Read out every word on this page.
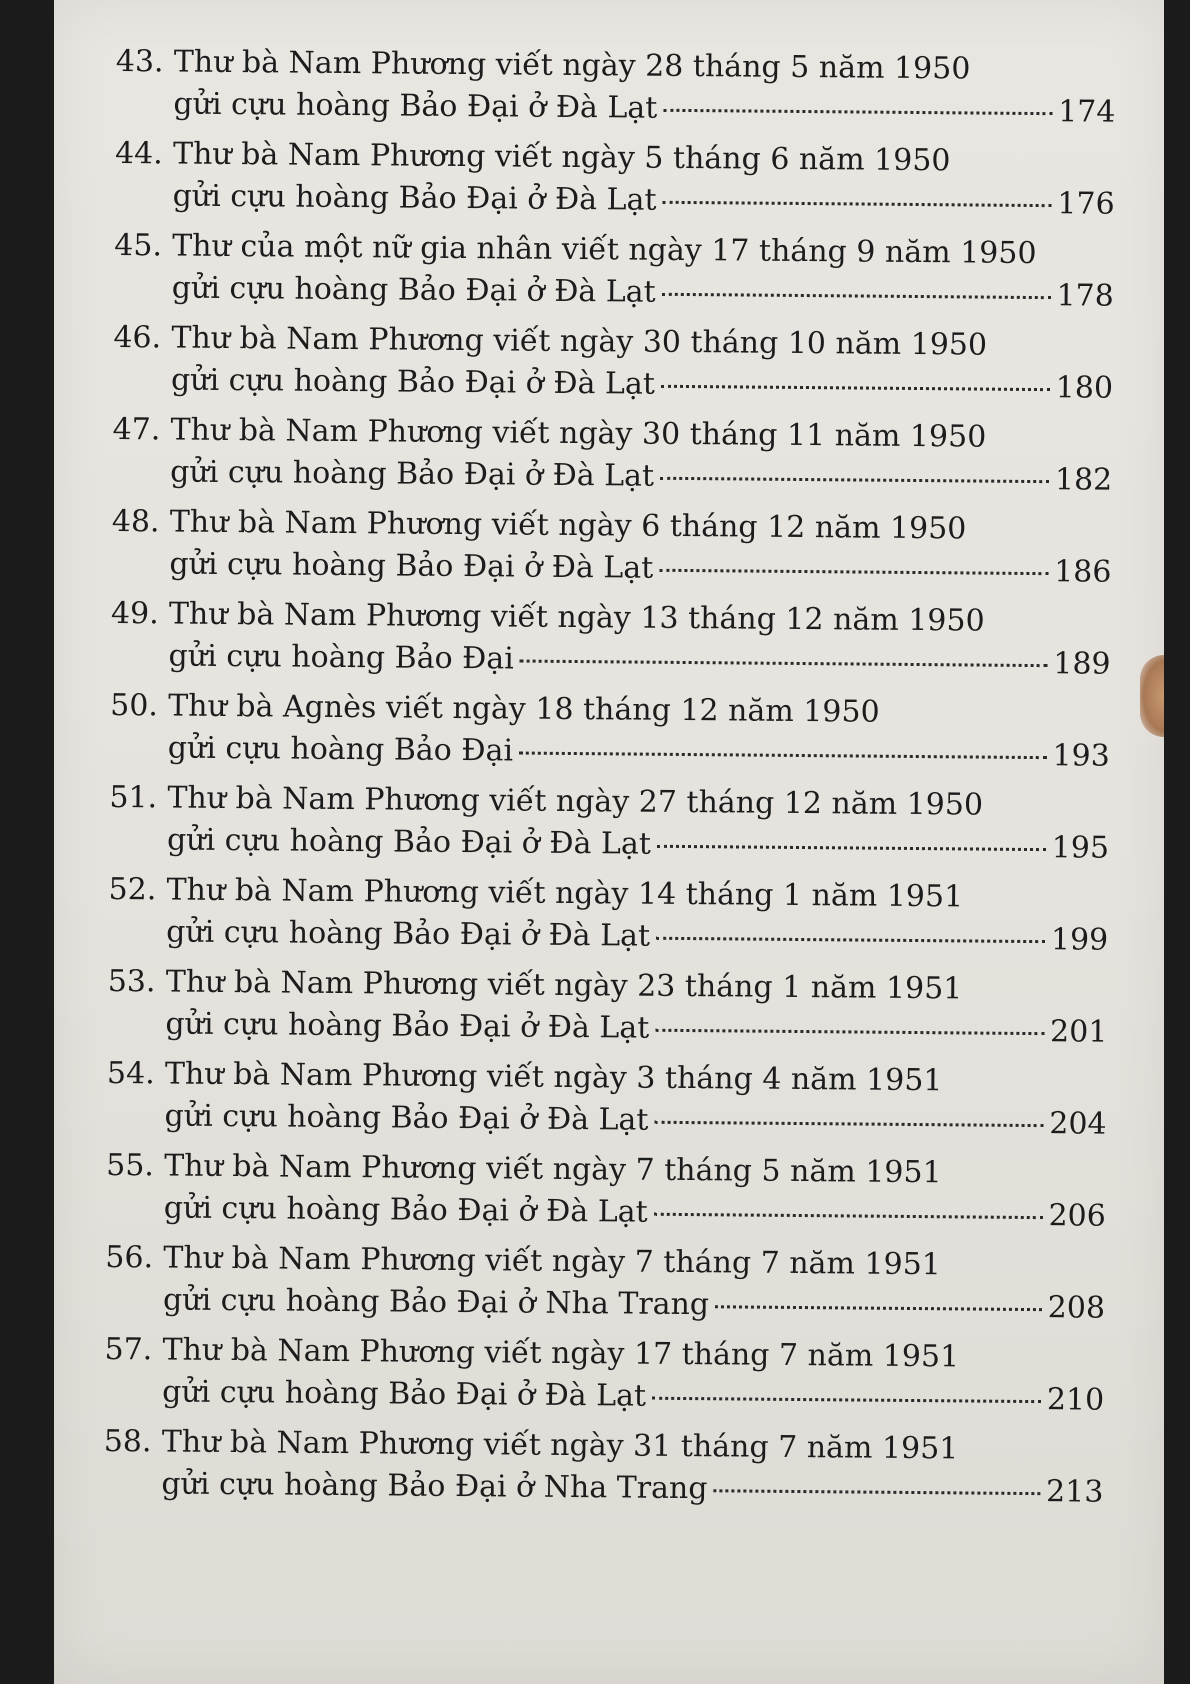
43. Thư bà Nam Phương viết ngày 28 tháng 5 năm 1950
gửi cựu hoàng Bảo Đại ở Đà Lạt	174
44. Thư bà Nam Phương viết ngày 5 tháng 6 năm 1950
gửi cựu hoàng Bảo Đại ở Đà Lạt	176
45. Thư của một nữ gia nhân viết ngày 17 tháng 9 năm 1950
gửi cựu hoàng Bảo Đại ở Đà Lạt	178
46. Thư bà Nam Phương viết ngày 30 tháng 10 năm 1950
gửi cựu hoàng Bảo Đại ở Đà Lạt	180
47. Thư bà Nam Phương viết ngày 30 tháng 11 năm 1950
gửi cựu hoàng Bảo Đại ở Đà Lạt	182
48. Thư bà Nam Phương viết ngày 6 tháng 12 năm 1950
gửi cựu hoàng Bảo Đại ở Đà Lạt	186
49. Thư bà Nam Phương viết ngày 13 tháng 12 năm 1950
gửi cựu hoàng Bảo Đại	189
50. Thư bà Agnès viết ngày 18 tháng 12 năm 1950
gửi cựu hoàng Bảo Đại	193
51. Thư bà Nam Phương viết ngày 27 tháng 12 năm 1950
gửi cựu hoàng Bảo Đại ở Đà Lạt	195
52. Thư bà Nam Phương viết ngày 14 tháng 1 năm 1951
gửi cựu hoàng Bảo Đại ở Đà Lạt	199
53. Thư bà Nam Phương viết ngày 23 tháng 1 năm 1951
gửi cựu hoàng Bảo Đại ở Đà Lạt	201
54. Thư bà Nam Phương viết ngày 3 tháng 4 năm 1951
gửi cựu hoàng Bảo Đại ở Đà Lạt	204
55. Thư bà Nam Phương viết ngày 7 tháng 5 năm 1951
gửi cựu hoàng Bảo Đại ở Đà Lạt	206
56. Thư bà Nam Phương viết ngày 7 tháng 7 năm 1951
gửi cựu hoàng Bảo Đại ở Nha Trang	208
57. Thư bà Nam Phương viết ngày 17 tháng 7 năm 1951
gửi cựu hoàng Bảo Đại ở Đà Lạt	210
58. Thư bà Nam Phương viết ngày 31 tháng 7 năm 1951
gửi cựu hoàng Bảo Đại ở Nha Trang	213
